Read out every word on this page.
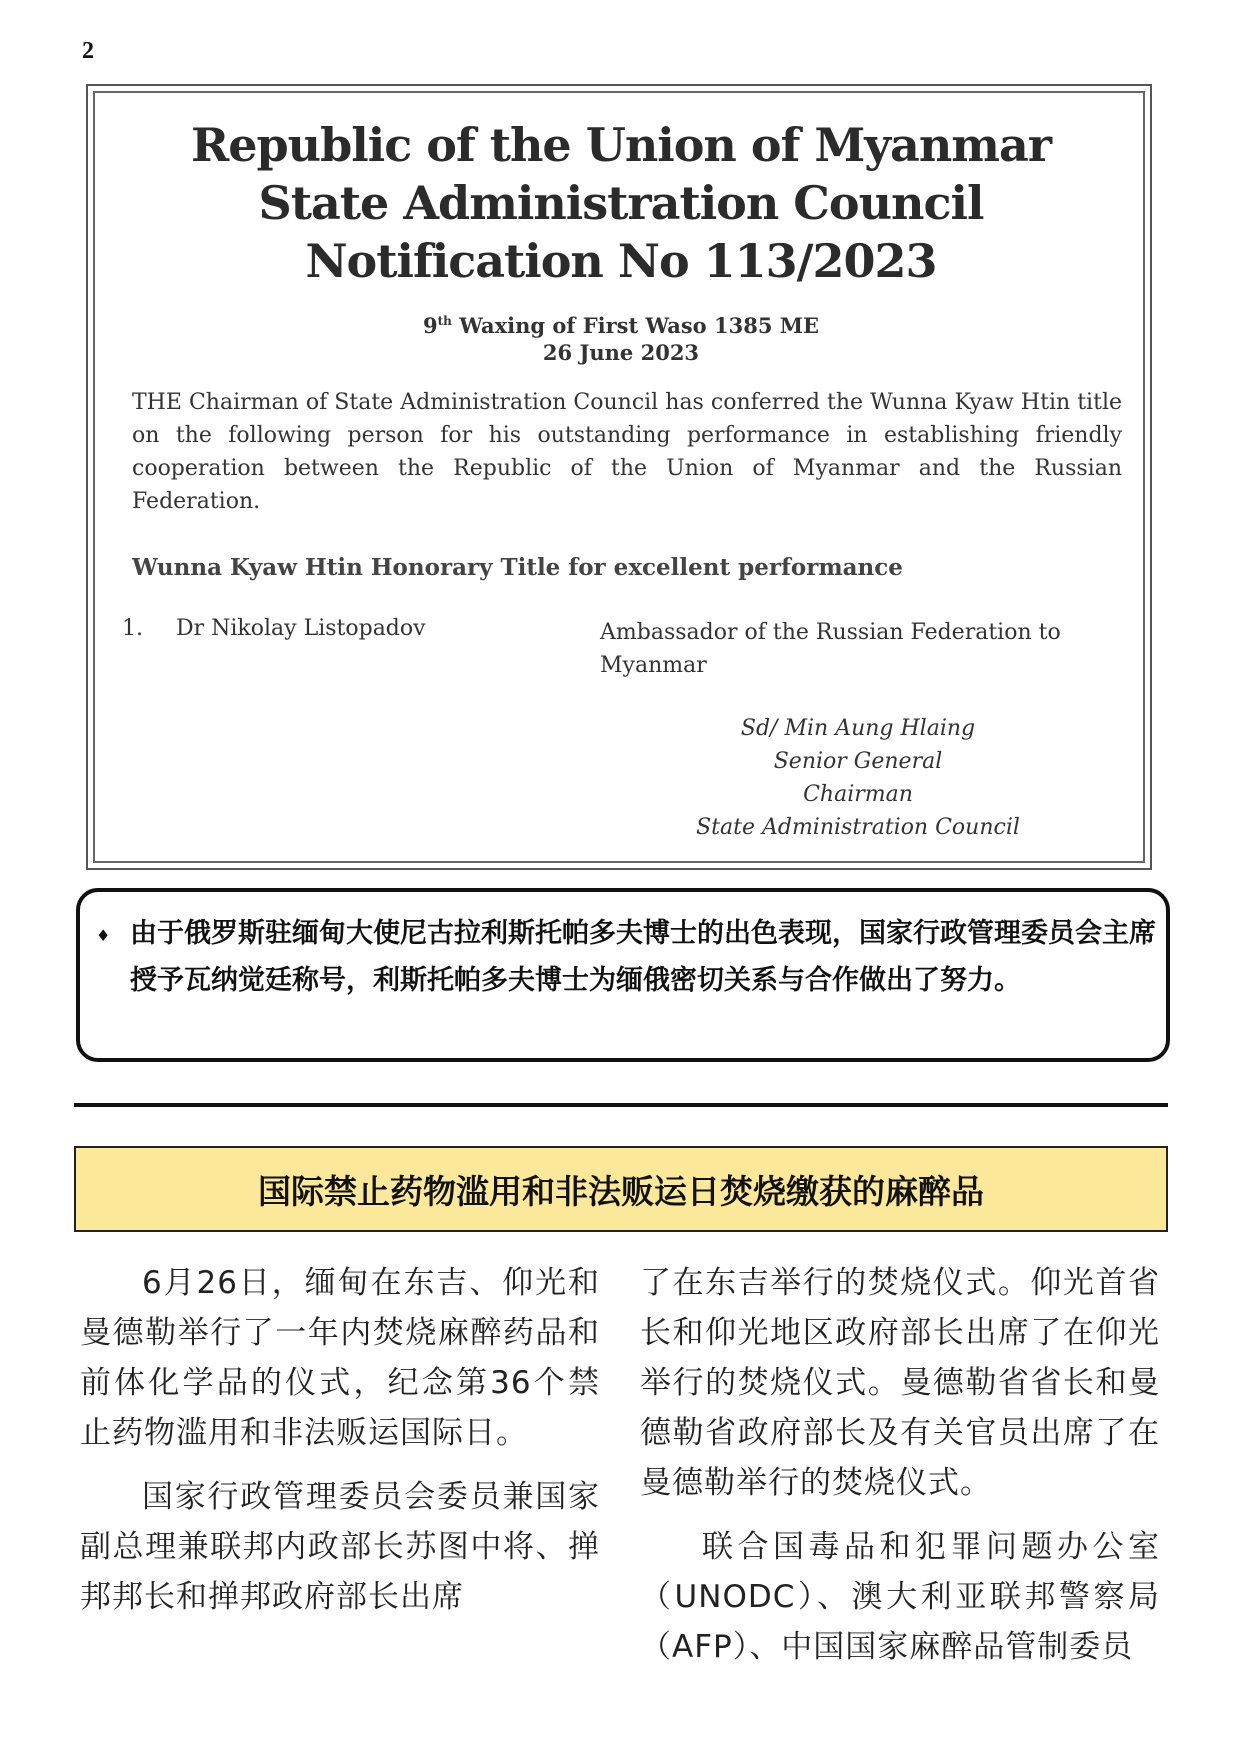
2
Republic of the Union of Myanmar
State Administration Council
Notification No 113/2023
9th Waxing of First Waso 1385 ME
26 June 2023
THE Chairman of State Administration Council has conferred the Wunna Kyaw Htin title on the following person for his outstanding performance in establishing friendly cooperation between the Republic of the Union of Myanmar and the Russian Federation.
Wunna Kyaw Htin Honorary Title for excellent performance
1. Dr Nikolay Listopadov	Ambassador of the Russian Federation to Myanmar
Sd/ Min Aung Hlaing
Senior General
Chairman
State Administration Council
♦ 由于俄罗斯驻缅甸大使尼古拉利斯托帕多夫博士的出色表现，国家行政管理委员会主席授予瓦纳觉廷称号，利斯托帕多夫博士为缅俄密切关系与合作做出了努力。
国际禁止药物滥用和非法贩运日焚烧缴获的麻醉品

6月26日，缅甸在东吉、仰光和曼德勒举行了一年内焚烧麻醉药品和前体化学品的仪式，纪念第36个禁止药物滥用和非法贩运国际日。

国家行政管理委员会委员兼国家副总理兼联邦内政部长苏图中将、掸邦邦长和掸邦政府部长出席

了在东吉举行的焚烧仪式。仰光首省长和仰光地区政府部长出席了在仰光举行的焚烧仪式。曼德勒省省长和曼德勒省政府部长及有关官员出席了在曼德勒举行的焚烧仪式。

联合国毒品和犯罪问题办公室（UNODC）、澳大利亚联邦警察局（AFP）、中国国家麻醉品管制委员
